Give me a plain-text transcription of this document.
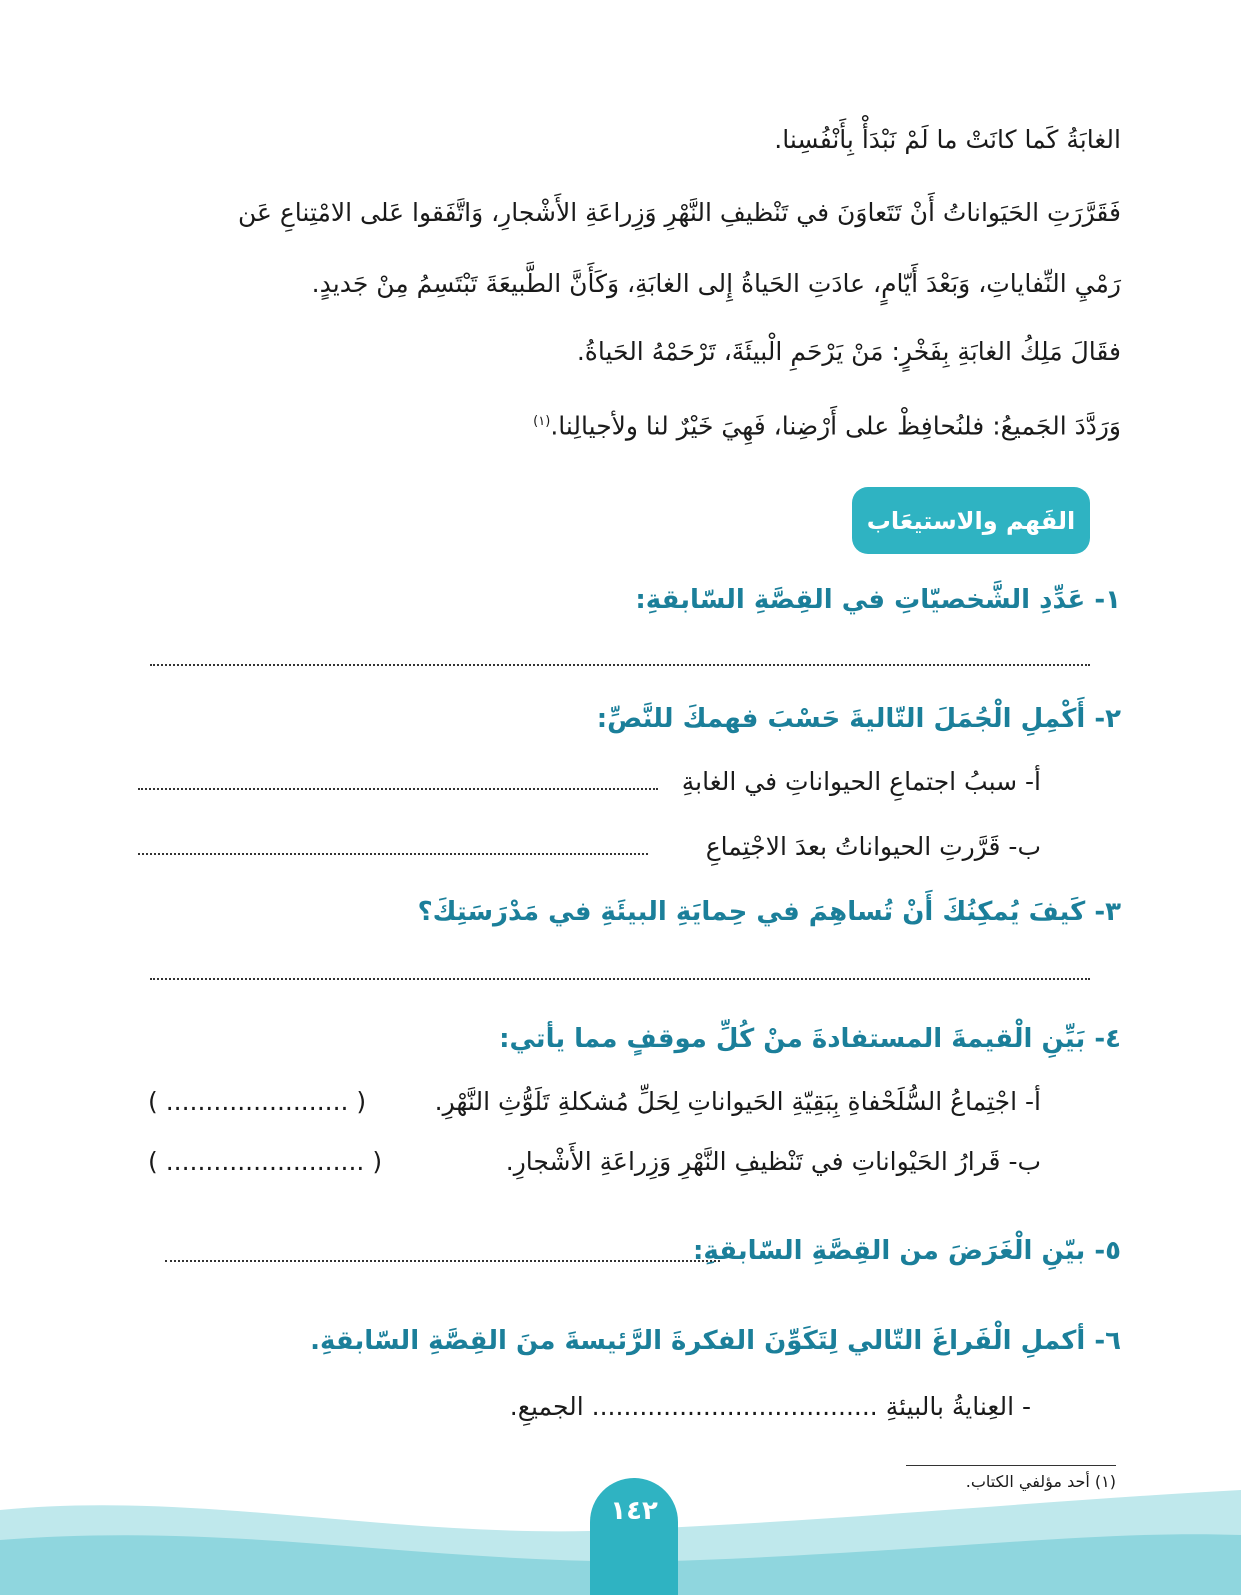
الغابَةُ كَما كانَتْ ما لَمْ نَبْدَأْ بِأَنْفُسِنا.
فَقَرَّرَتِ الحَيَواناتُ أَنْ تَتَعاوَنَ في تَنْظيفِ النَّهْرِ وَزِراعَةِ الأَشْجارِ، وَاتَّفَقوا عَلى الامْتِناعِ عَن
رَمْيِ النِّفاياتِ، وَبَعْدَ أَيّامٍ، عادَتِ الحَياةُ إِلى الغابَةِ، وَكَأَنَّ الطَّبيعَةَ تَبْتَسِمُ مِنْ جَديدٍ.
فقَالَ مَلِكُ الغابَةِ بِفَخْرٍ: مَنْ يَرْحَمِ الْبيئَةَ، تَرْحَمْهُ الحَياةُ.
وَرَدَّدَ الجَميعُ: فلنُحافِظْ على أَرْضِنا، فَهِيَ خَيْرٌ لنا ولأجيالِنا.$^{(١)}$
الفَهم والاستيعَاب
١- عَدِّدِ الشَّخصيّاتِ في القِصَّةِ السّابقةِ:
٢- أَكْمِلِ الْجُمَلَ التّاليةَ حَسْبَ فهمكَ للنَّصِّ:
أ- سببُ اجتماعِ الحيواناتِ في الغابةِ
ب- قَرَّرتِ الحيواناتُ بعدَ الاجْتِماعِ
٣- كَيفَ يُمكِنُكَ أَنْ تُساهِمَ في حِمايَةِ البيئَةِ في مَدْرَسَتِكَ؟
٤- بَيِّنِ الْقيمةَ المستفادةَ منْ كُلِّ موقفٍ مما يأتي:
أ- اجْتِماعُ السُّلَحْفاةِ بِبَقِيّةِ الحَيواناتِ لِحَلِّ مُشكلةِ تَلَوُّثِ النَّهْرِ.
( ....................... )
ب- قَرارُ الحَيْواناتِ في تَنْظيفِ النَّهْرِ وَزِراعَةِ الأَشْجارِ.
( ......................... )
٥- بيّنِ الْغَرَضَ من القِصَّةِ السّابقةِ:
٦- أكملِ الْفَراغَ التّالي لِتَكَوِّنَ الفكرةَ الرَّئيسةَ منَ القِصَّةِ السّابقةِ.
- العِنايةُ بالبيئةِ .................................... الجميعِ.
(١) أحد مؤلفي الكتاب.
١٤٢
